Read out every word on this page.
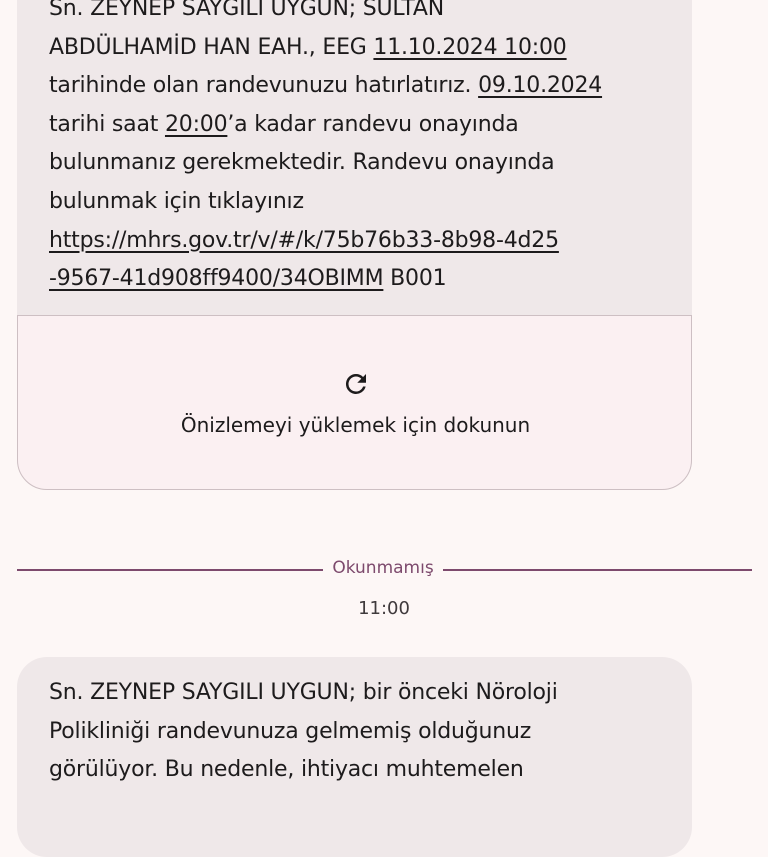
Sn. ZEYNEP SAYGILI UYGUN; SULTAN
ABDÜLHAMİD HAN EAH., EEG 11.10.2024 10:00
tarihinde olan randevunuzu hatırlatırız. 09.10.2024
tarihi saat 20:00’a kadar randevu onayında
bulunmanız gerekmektedir. Randevu onayında
bulunmak için tıklayınız
https://mhrs.gov.tr/v/#/k/75b76b33-8b98-4d25
-9567-41d908ff9400/34OBIMM B001
Önizlemeyi yüklemek için dokunun
Okunmamış
11:00
Sn. ZEYNEP SAYGILI UYGUN; bir önceki Nöroloji
Polikliniği randevunuza gelmemiş olduğunuz
görülüyor. Bu nedenle, ihtiyacı muhtemelen
